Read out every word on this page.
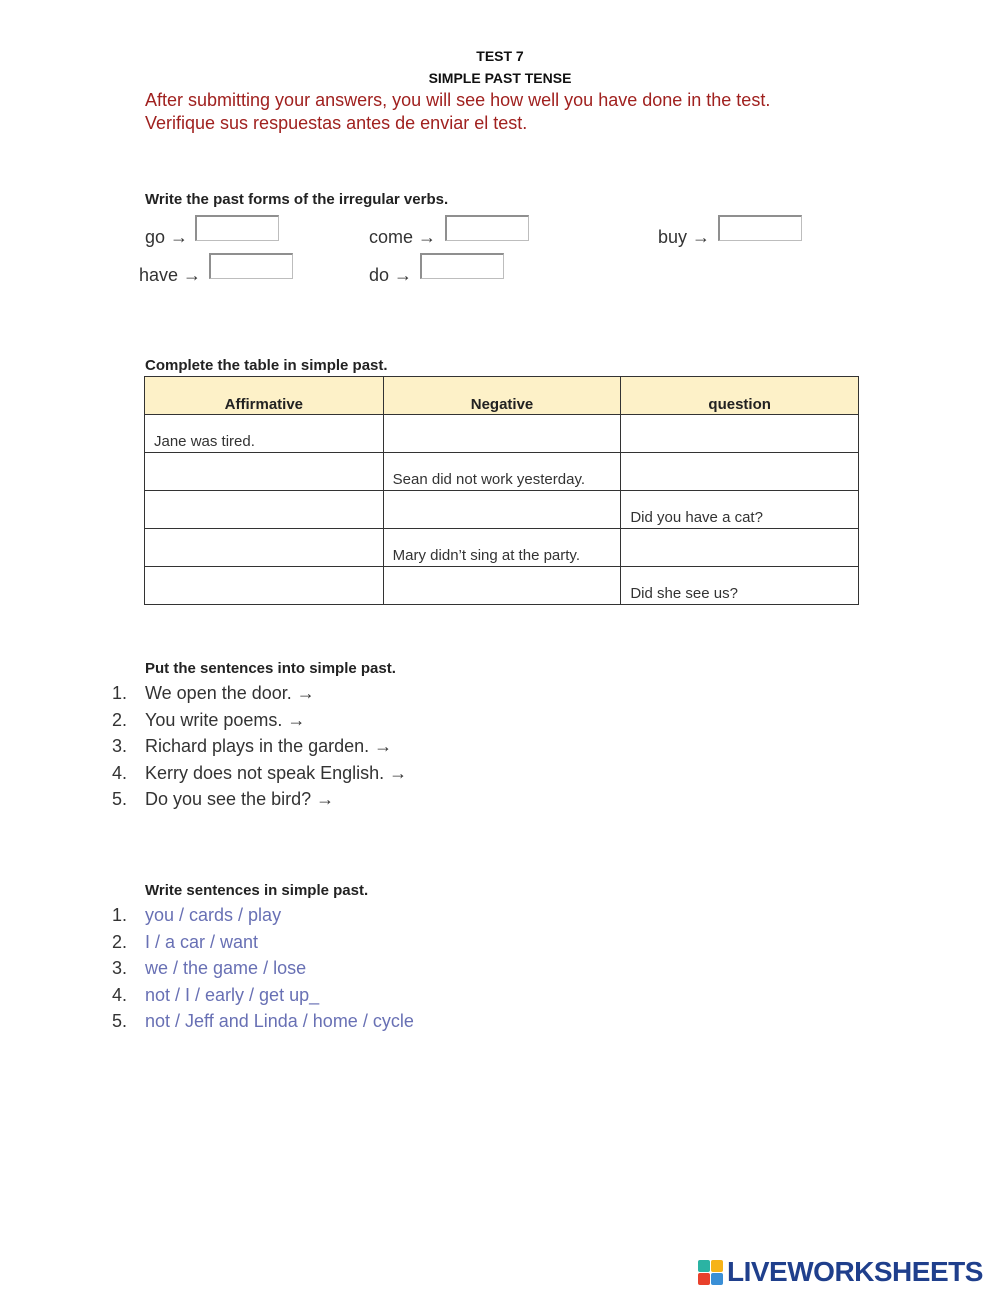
TEST 7
SIMPLE PAST TENSE
After submitting your answers, you will see how well you have done in the test.
Verifique sus respuestas antes de enviar el test.
Write the past forms of the irregular verbs.
go →	come →	buy →
have →	do →
Complete the table in simple past.
Affirmative	Negative	question
Jane was tired.		
	Sean did not work yesterday.	
		Did you have a cat?
	Mary didn’t sing at the party.	
		Did she see us?
Put the sentences into simple past.
1. We open the door. →
2. You write poems. →
3. Richard plays in the garden. →
4. Kerry does not speak English. →
5. Do you see the bird? →
Write sentences in simple past.
1. you / cards / play
2. I / a car / want
3. we / the game / lose
4. not / I / early / get up_
5. not / Jeff and Linda / home / cycle
LIVEWORKSHEETS
